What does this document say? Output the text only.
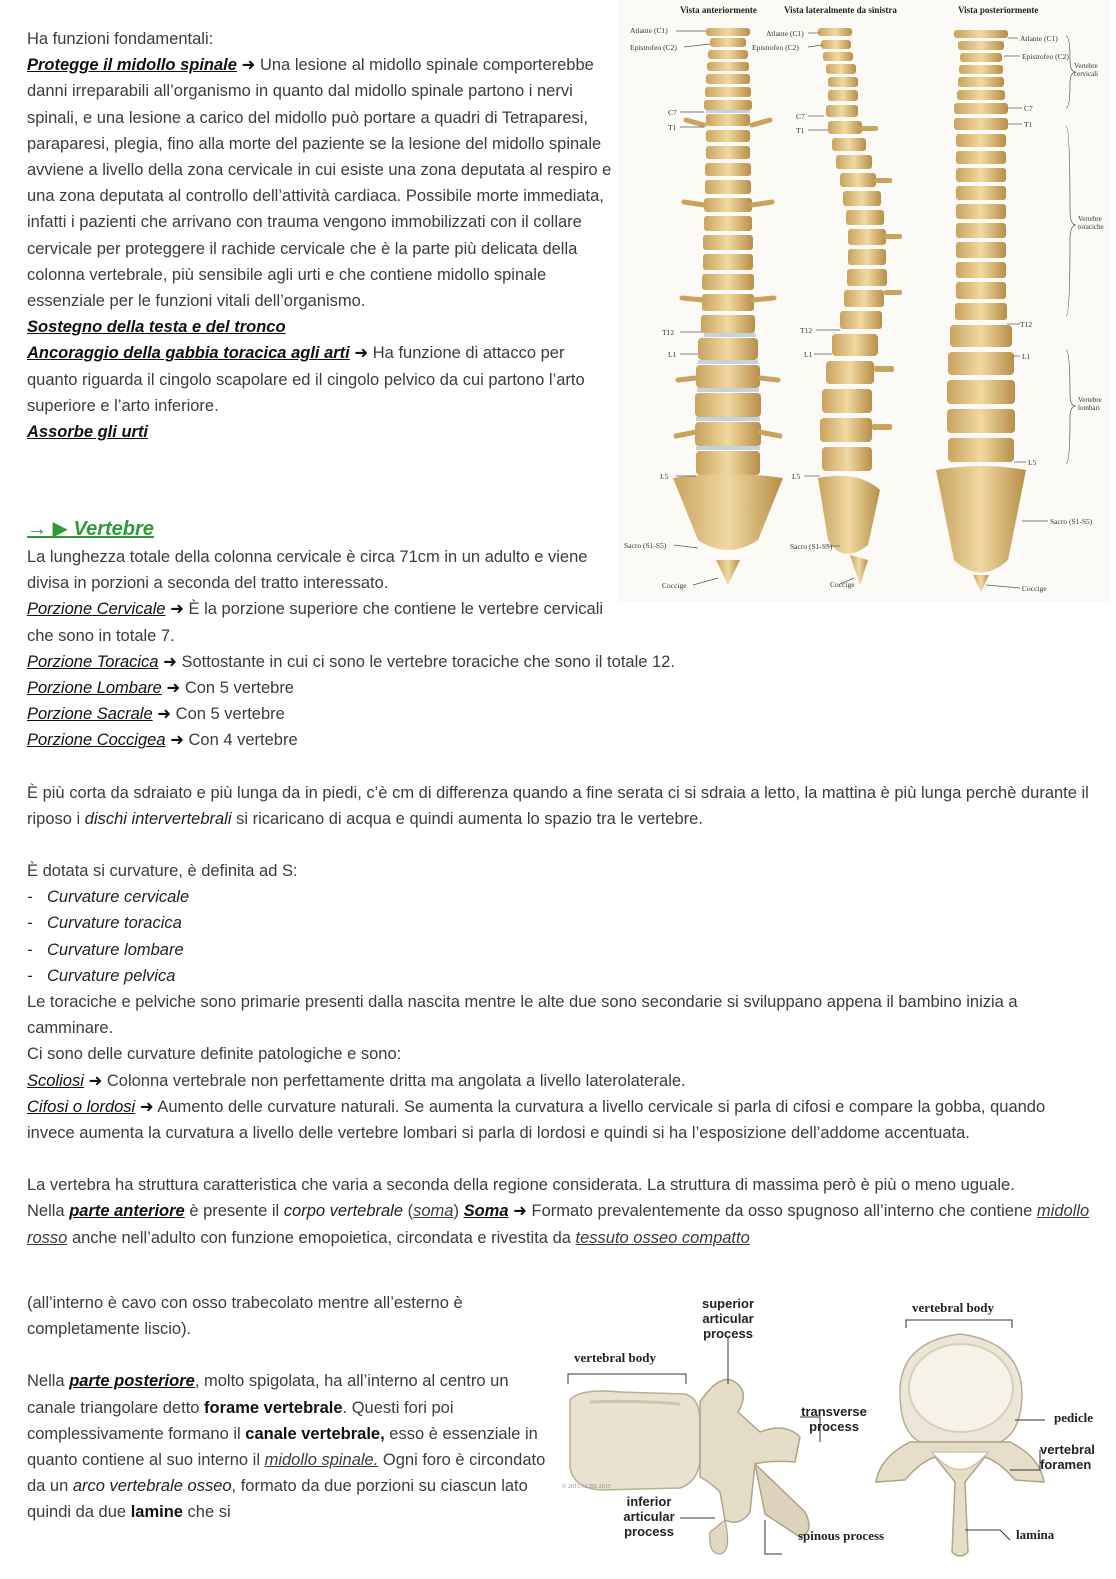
Ha funzioni fondamentali:

Protegge il midollo spinale ➜ Una lesione al midollo spinale comporterebbe danni irreparabili all’organismo in quanto dal midollo spinale partono i nervi spinali, e una lesione a carico del midollo può portare a quadri di Tetraparesi, paraparesi, plegia, fino alla morte del paziente se la lesione del midollo spinale avviene a livello della zona cervicale in cui esiste una zona deputata al respiro e una zona deputata al controllo dell’attività cardiaca. Possibile morte immediata, infatti i pazienti che arrivano con trauma vengono immobilizzati con il collare cervicale per proteggere il rachide cervicale che è la parte più delicata della colonna vertebrale, più sensibile agli urti e che contiene midollo spinale essenziale per le funzioni vitali dell’organismo.

Sostegno della testa e del tronco

Ancoraggio della gabbia toracica agli arti ➜ Ha funzione di attacco per quanto riguarda il cingolo scapolare ed il cingolo pelvico da cui partono l’arto superiore e l’arto inferiore.

Assorbe gli urti

Vista anteriormente	Vista lateralmente da sinistra	Vista posteriormente
Atlante (C1)
Epistrofeo (C2)
C7
T1
T12
L1
L5
Sacro (S1-S5)
Coccige
Atlante (C1)
Epistrofeo (C2)
C7
T1
T12
L1
L5
Sacro (S1-S5)
Coccige
Atlante (C1)
Epistrofeo (C2)
C7
T1
T12
L1
L5
Sacro (S1-S5)
Coccige
Vertebre cervicali
Vertebre toraciche
Vertebre lombari
→ ▶ Vertebre

La lunghezza totale della colonna cervicale è circa 71cm in un adulto e viene divisa in porzioni a seconda del tratto interessato.

Porzione Cervicale ➜ È la porzione superiore che contiene le vertebre cervicali che sono in totale 7.

Porzione Toracica ➜ Sottostante in cui ci sono le vertebre toraciche che sono il totale 12.

Porzione Lombare ➜ Con 5 vertebre

Porzione Sacrale ➜ Con 5 vertebre

Porzione Coccigea ➜ Con 4 vertebre

È più corta da sdraiato e più lunga da in piedi, c’è cm di differenza quando a fine serata ci si sdraia a letto, la mattina è più lunga perchè durante il riposo i dischi intervertebrali si ricaricano di acqua e quindi aumenta lo spazio tra le vertebre.

È dotata si curvature, è definita ad S:

- Curvature cervicale

- Curvature toracica

- Curvature lombare

- Curvature pelvica

Le toraciche e pelviche sono primarie presenti dalla nascita mentre le alte due sono secondarie si sviluppano appena il bambino inizia a camminare.

Ci sono delle curvature definite patologiche e sono:

Scoliosi ➜ Colonna vertebrale non perfettamente dritta ma angolata a livello laterolaterale.

Cifosi o lordosi ➜ Aumento delle curvature naturali. Se aumenta la curvatura a livello cervicale si parla di cifosi e compare la gobba, quando invece aumenta la curvatura a livello delle vertebre lombari si parla di lordosi e quindi si ha l’esposizione dell’addome accentuata.

La vertebra ha struttura caratteristica che varia a seconda della regione considerata. La struttura di massima però è più o meno uguale.

Nella parte anteriore è presente il corpo vertebrale (soma) Soma ➜ Formato prevalentemente da osso spugnoso all’interno che contiene midollo rosso anche nell’adulto con funzione emopoietica, circondata e rivestita da tessuto osseo compatto

(all’interno è cavo con osso trabecolato mentre all’esterno è completamente liscio).

Nella parte posteriore, molto spigolata, ha all’interno al centro un canale triangolare detto forame vertebrale. Questi fori poi complessivamente formano il canale vertebrale, esso è essenziale in quanto contiene al suo interno il midollo spinale. Ogni foro è circondato da un arco vertebrale osseo, formato da due porzioni su ciascun lato quindi da due lamine che si

vertebral body
spinous process
vertebral body
pedicle
lamina
superior articular process
transverse process
inferior articular process
vertebral foramen
© 2015 GCBS 2015
